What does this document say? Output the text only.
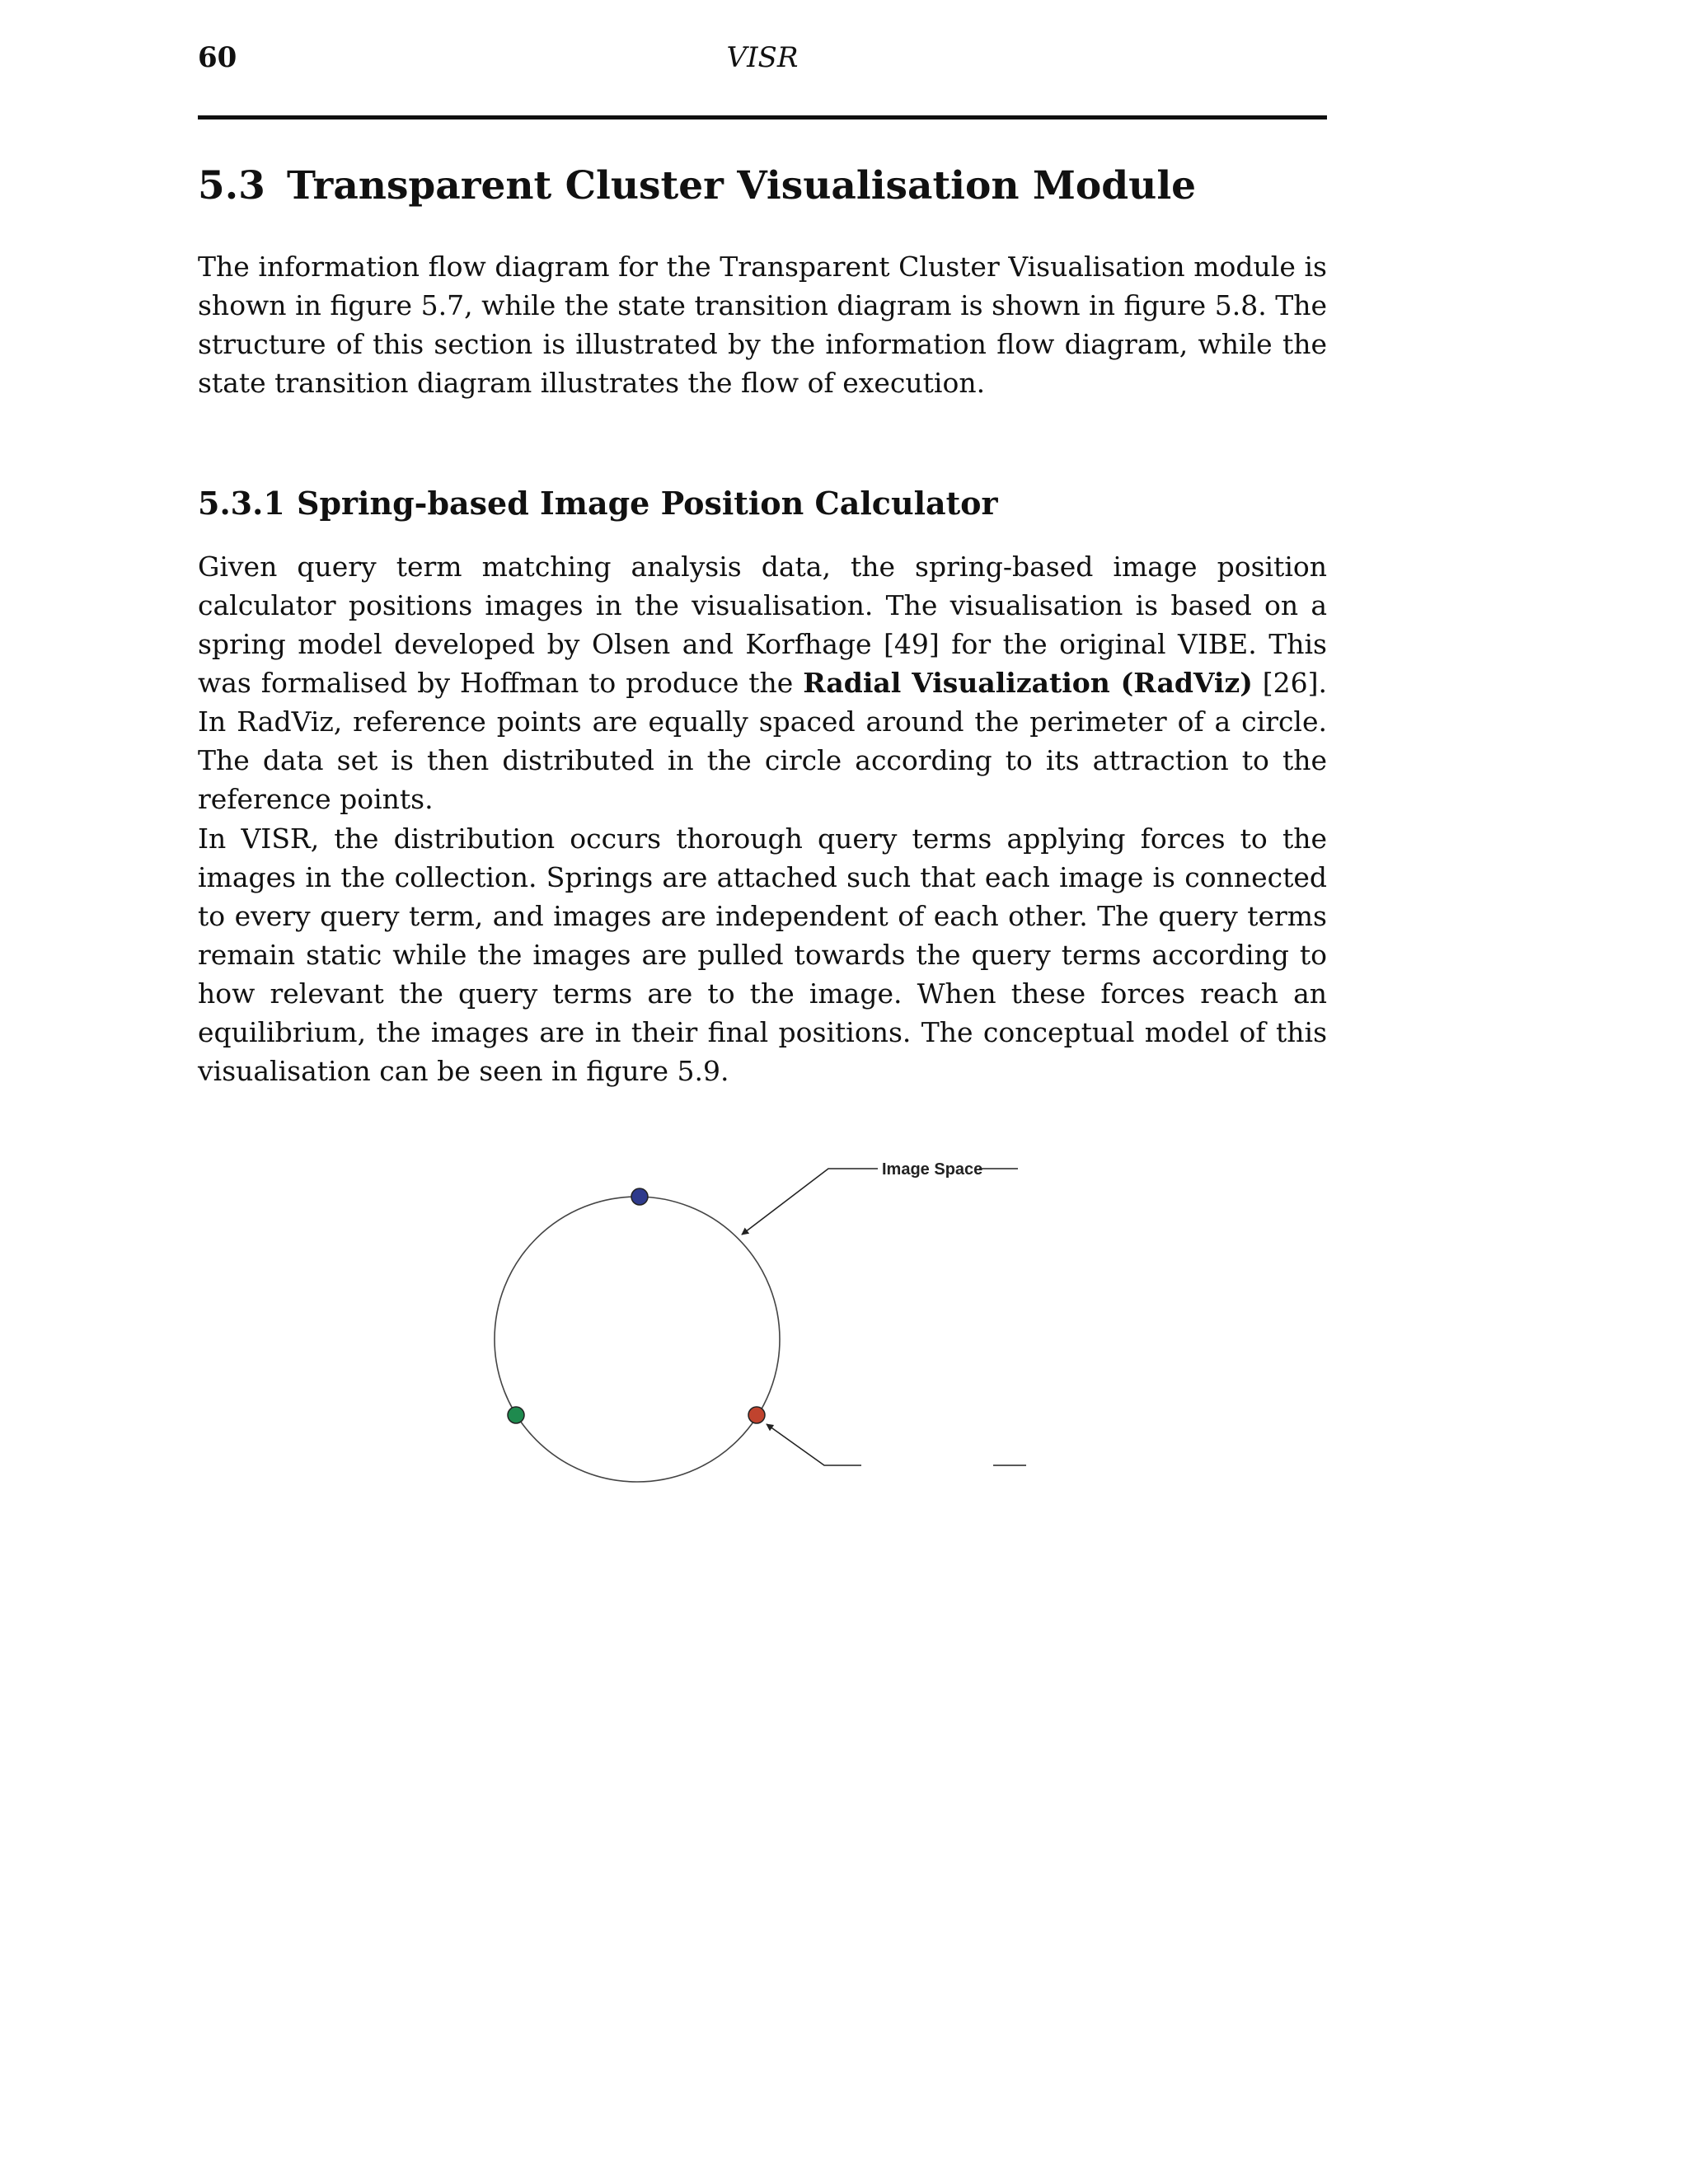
60	VISR
5.3 Transparent Cluster Visualisation Module

The information flow diagram for the Transparent Cluster Visualisation module is shown in figure 5.7, while the state transition diagram is shown in figure 5.8. The structure of this section is illustrated by the information flow diagram, while the state transition diagram illustrates the flow of execution.

5.3.1 Spring-based Image Position Calculator

Given query term matching analysis data, the spring-based image position calculator positions images in the visualisation. The visualisation is based on a spring model developed by Olsen and Korfhage [49] for the original VIBE. This was formalised by Hoffman to produce the Radial Visualization (RadViz) [26]. In RadViz, reference points are equally spaced around the perimeter of a circle. The data set is then distributed in the circle according to its attraction to the reference points.

In VISR, the distribution occurs thorough query terms applying forces to the images in the collection. Springs are attached such that each image is connected to every query term, and images are independent of each other. The query terms remain static while the images are pulled towards the query terms according to how relevant the query terms are to the image. When these forces reach an equilibrium, the images are in their final positions. The conceptual model of this visualisation can be seen in figure 5.9.

Image Space
